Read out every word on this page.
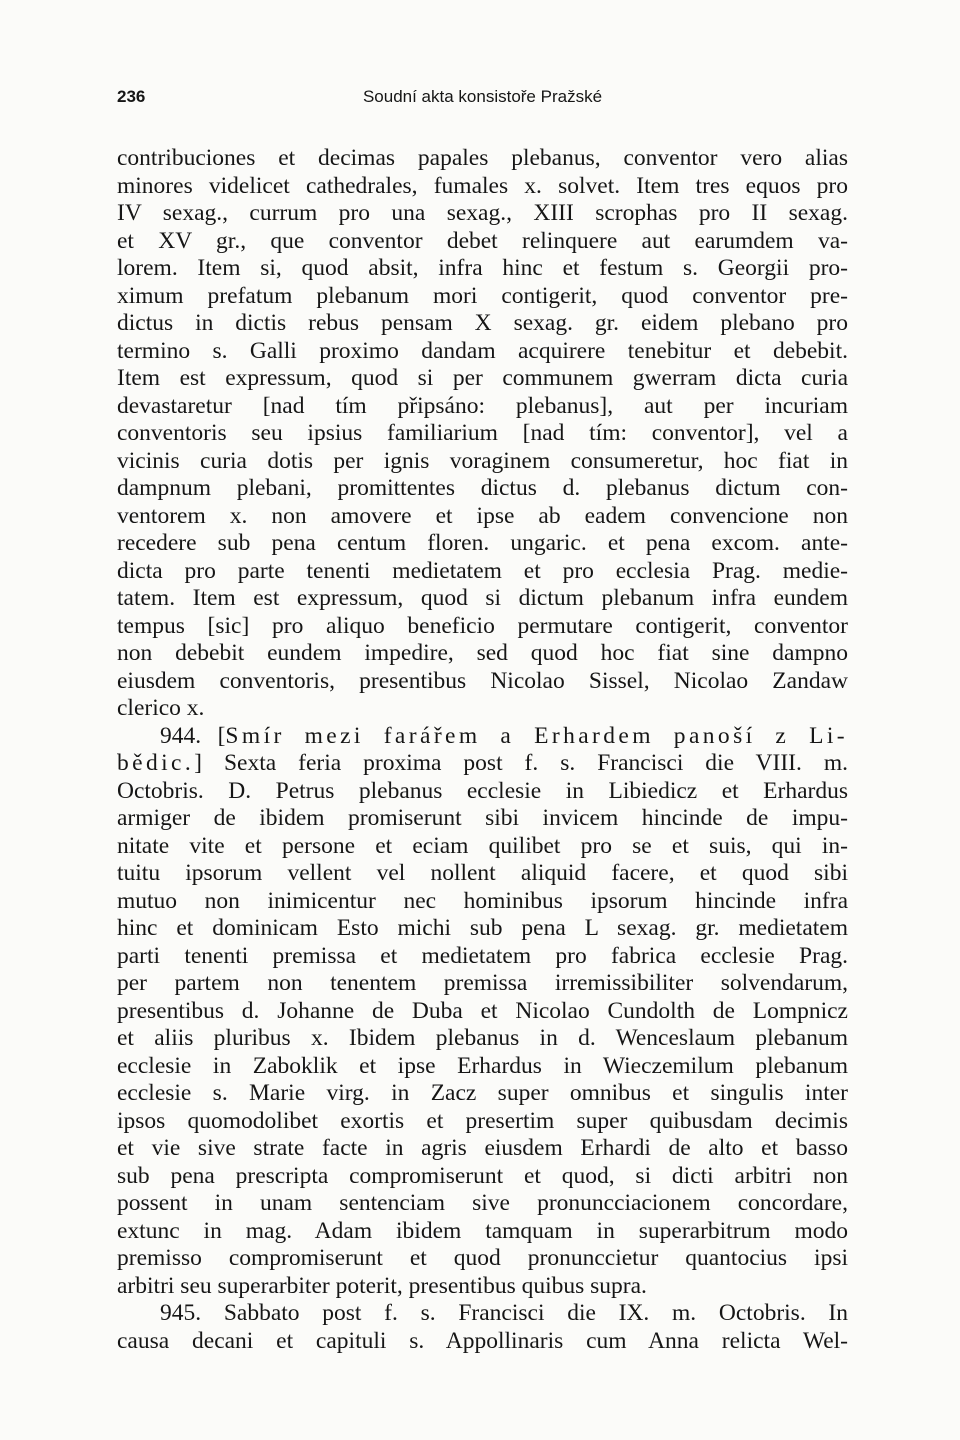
236	Soudní akta konsistoře Pražské
contribuciones et decimas papales plebanus, conventor vero alias
minores videlicet cathedrales, fumales x. solvet. Item tres equos pro
IV sexag., currum pro una sexag., XIII scrophas pro II sexag.
et XV gr., que conventor debet relinquere aut earumdem va-
lorem. Item si, quod absit, infra hinc et festum s. Georgii pro-
ximum prefatum plebanum mori contigerit, quod conventor pre-
dictus in dictis rebus pensam X sexag. gr. eidem plebano pro
termino s. Galli proximo dandam acquirere tenebitur et debebit.
Item est expressum, quod si per communem gwerram dicta curia
devastaretur [nad tím připsáno: plebanus], aut per incuriam
conventoris seu ipsius familiarium [nad tím: conventor], vel a
vicinis curia dotis per ignis voraginem consumeretur, hoc fiat in
dampnum plebani, promittentes dictus d. plebanus dictum con-
ventorem x. non amovere et ipse ab eadem convencione non
recedere sub pena centum floren. ungaric. et pena excom. ante-
dicta pro parte tenenti medietatem et pro ecclesia Prag. medie-
tatem. Item est expressum, quod si dictum plebanum infra eundem
tempus [sic] pro aliquo beneficio permutare contigerit, conventor
non debebit eundem impedire, sed quod hoc fiat sine dampno
eiusdem conventoris, presentibus Nicolao Sissel, Nicolao Zandaw
clerico x.
944. [Smír mezi farářem a Erhardem panoší z Li-
bědic.] Sexta feria proxima post f. s. Francisci die VIII. m.
Octobris. D. Petrus plebanus ecclesie in Libiedicz et Erhardus
armiger de ibidem promiserunt sibi invicem hincinde de impu-
nitate vite et persone et eciam quilibet pro se et suis, qui in-
tuitu ipsorum vellent vel nollent aliquid facere, et quod sibi
mutuo non inimicentur nec hominibus ipsorum hincinde infra
hinc et dominicam Esto michi sub pena L sexag. gr. medietatem
parti tenenti premissa et medietatem pro fabrica ecclesie Prag.
per partem non tenentem premissa irremissibiliter solvendarum,
presentibus d. Johanne de Duba et Nicolao Cundolth de Lompnicz
et aliis pluribus x. Ibidem plebanus in d. Wenceslaum plebanum
ecclesie in Zaboklik et ipse Erhardus in Wieczemilum plebanum
ecclesie s. Marie virg. in Zacz super omnibus et singulis inter
ipsos quomodolibet exortis et presertim super quibusdam decimis
et vie sive strate facte in agris eiusdem Erhardi de alto et basso
sub pena prescripta compromiserunt et quod, si dicti arbitri non
possent in unam sentenciam sive pronuncciacionem concordare,
extunc in mag. Adam ibidem tamquam in superarbitrum modo
premisso compromiserunt et quod pronunccietur quantocius ipsi
arbitri seu superarbiter poterit, presentibus quibus supra.
945. Sabbato post f. s. Francisci die IX. m. Octobris. In
causa decani et capituli s. Appollinaris cum Anna relicta Wel-
